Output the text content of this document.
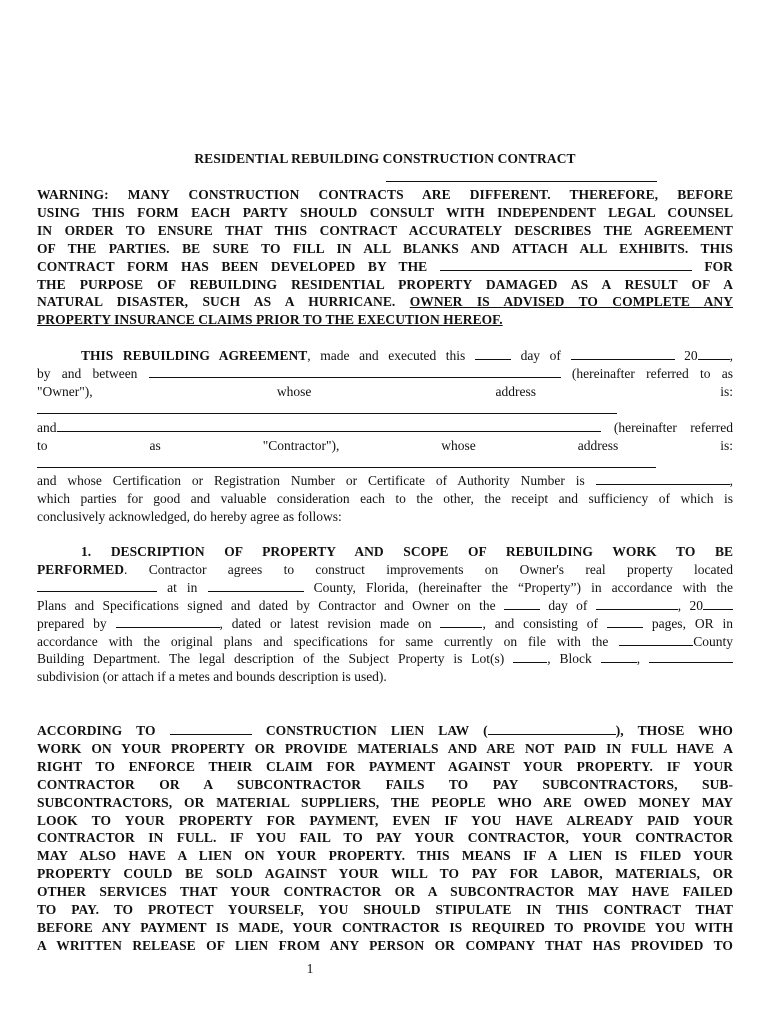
RESIDENTIAL REBUILDING CONSTRUCTION CONTRACT
WARNING: MANY CONSTRUCTION CONTRACTS ARE DIFFERENT. THEREFORE, BEFORE
USING THIS FORM EACH PARTY SHOULD CONSULT WITH INDEPENDENT LEGAL COUNSEL
IN ORDER TO ENSURE THAT THIS CONTRACT ACCURATELY DESCRIBES THE AGREEMENT
OF THE PARTIES. BE SURE TO FILL IN ALL BLANKS AND ATTACH ALL EXHIBITS. THIS
CONTRACT FORM HAS BEEN DEVELOPED BY THE	FOR
THE PURPOSE OF REBUILDING RESIDENTIAL PROPERTY DAMAGED AS A RESULT OF A
NATURAL DISASTER, SUCH AS A HURRICANE. OWNER IS ADVISED TO COMPLETE ANY
PROPERTY INSURANCE CLAIMS PRIOR TO THE EXECUTION HEREOF.
THIS REBUILDING AGREEMENT, made and executed this	day of	20 ,
by and between	(hereinafter referred to as
"Owner"),	whose	address	is:
and	(hereinafter referred
to	as	"Contractor"),	whose	address	is:
and whose Certification or Registration Number or Certificate of Authority Number is	,
which parties for good and valuable consideration each to the other, the receipt and sufficiency of which is
conclusively acknowledged, do hereby agree as follows:
1. DESCRIPTION OF PROPERTY AND SCOPE OF REBUILDING WORK TO BE
PERFORMED. Contractor agrees to construct improvements on Owner's real property located
at in	County, Florida, (hereinafter the “Property”) in accordance with the
Plans and Specifications signed and dated by Contractor and Owner on the	day of	, 20
prepared by	, dated or latest revision made on	, and consisting of	pages, OR in
accordance with the original plans and specifications for same currently on file with the	County
Building Department. The legal description of the Subject Property is Lot(s)	, Block	,
subdivision (or attach if a metes and bounds description is used).
ACCORDING TO	CONSTRUCTION LIEN LAW (	), THOSE WHO
WORK ON YOUR PROPERTY OR PROVIDE MATERIALS AND ARE NOT PAID IN FULL HAVE A
RIGHT TO ENFORCE THEIR CLAIM FOR PAYMENT AGAINST YOUR PROPERTY. IF YOUR
CONTRACTOR OR A SUBCONTRACTOR FAILS TO PAY SUBCONTRACTORS, SUB-
SUBCONTRACTORS, OR MATERIAL SUPPLIERS, THE PEOPLE WHO ARE OWED MONEY MAY
LOOK TO YOUR PROPERTY FOR PAYMENT, EVEN IF YOU HAVE ALREADY PAID YOUR
CONTRACTOR IN FULL. IF YOU FAIL TO PAY YOUR CONTRACTOR, YOUR CONTRACTOR
MAY ALSO HAVE A LIEN ON YOUR PROPERTY. THIS MEANS IF A LIEN IS FILED YOUR
PROPERTY COULD BE SOLD AGAINST YOUR WILL TO PAY FOR LABOR, MATERIALS, OR
OTHER SERVICES THAT YOUR CONTRACTOR OR A SUBCONTRACTOR MAY HAVE FAILED
TO PAY. TO PROTECT YOURSELF, YOU SHOULD STIPULATE IN THIS CONTRACT THAT
BEFORE ANY PAYMENT IS MADE, YOUR CONTRACTOR IS REQUIRED TO PROVIDE YOU WITH
A WRITTEN RELEASE OF LIEN FROM ANY PERSON OR COMPANY THAT HAS PROVIDED TO
1
